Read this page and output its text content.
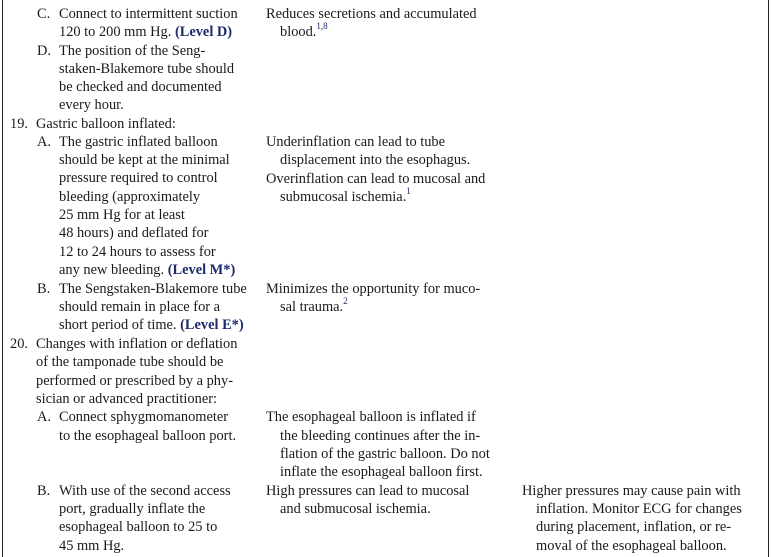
C. Connect to intermittent suction
120 to 200 mm Hg. (Level D)
Reduces secretions and accumulated
blood.$^{1,8}$
D. The position of the Seng-
staken-Blakemore tube should
be checked and documented
every hour.
19. Gastric balloon inflated:
A. The gastric inflated balloon
should be kept at the minimal
pressure required to control
bleeding (approximately
25 mm Hg for at least
48 hours) and deflated for
12 to 24 hours to assess for
any new bleeding. (Level M*)
Underinflation can lead to tube
displacement into the esophagus.
Overinflation can lead to mucosal and
submucosal ischemia.$^1$
B. The Sengstaken-Blakemore tube
should remain in place for a
short period of time. (Level E*)
Minimizes the opportunity for muco-
sal trauma.$^2$
20. Changes with inflation or deflation
of the tamponade tube should be
performed or prescribed by a phy-
sician or advanced practitioner:
A. Connect sphygmomanometer
to the esophageal balloon port.
The esophageal balloon is inflated if
the bleeding continues after the in-
flation of the gastric balloon. Do not
inflate the esophageal balloon first.
B. With use of the second access
port, gradually inflate the
esophageal balloon to 25 to
45 mm Hg.
High pressures can lead to mucosal
and submucosal ischemia.
Higher pressures may cause pain with
inflation. Monitor ECG for changes
during placement, inflation, or re-
moval of the esophageal balloon.
